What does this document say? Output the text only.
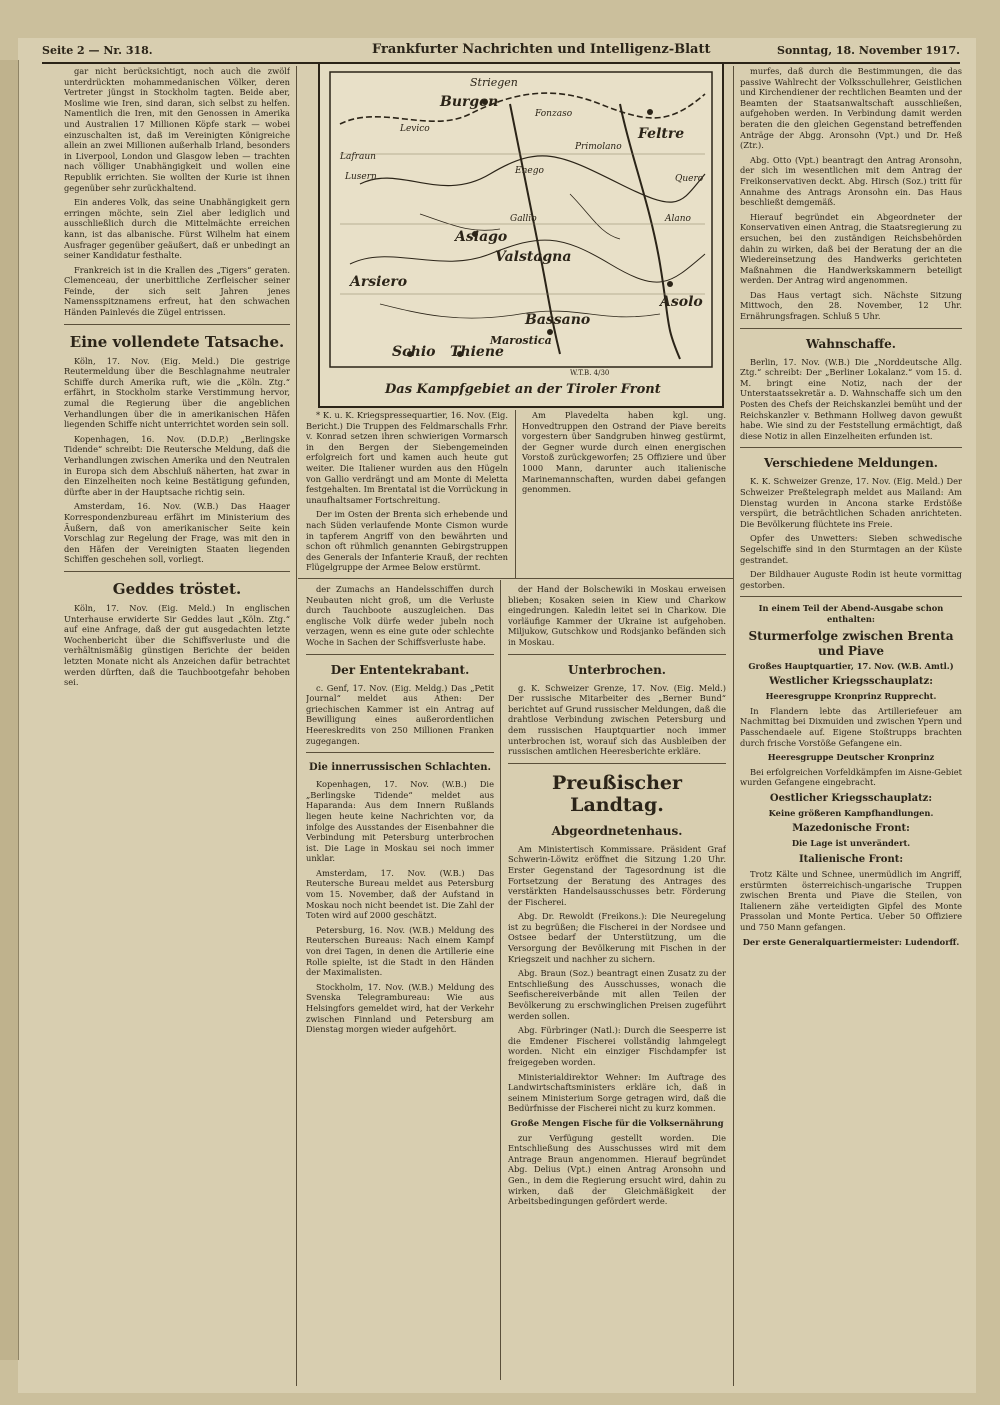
Seite 2 — Nr. 318.	Frankfurter Nachrichten und Intelligenz-Blatt	Sonntag, 18. November 1917.
Striegen
Burgen
Fonzaso
Feltre
Lafraun
Lusern
Levico
Enego
Primolano
Alano
Quero
Gallio
Asiago
Valstagna
Arsiero
Asolo
Bassano
Marostica
Schio Thiene
W.T.B. 4/30
Das Kampfgebiet an der Tiroler Front

gar nicht berücksichtigt, noch auch die zwölf unterdrückten mohammedanischen Völker, deren Vertreter jüngst in Stockholm tagten. Beide aber, Moslime wie Iren, sind daran, sich selbst zu helfen. Namentlich die Iren, mit den Genossen in Amerika und Australien 17 Millionen Köpfe stark — wobei einzuschalten ist, daß im Vereinigten Königreiche allein an zwei Millionen außerhalb Irland, besonders in Liverpool, London und Glasgow leben — trachten nach völliger Unabhängigkeit und wollen eine Republik errichten. Sie wollten der Kurie ist ihnen gegenüber sehr zurückhaltend.

Ein anderes Volk, das seine Unabhängigkeit gern erringen möchte, sein Ziel aber lediglich und ausschließlich durch die Mittelmächte erreichen kann, ist das albanische. Fürst Wilhelm hat einem Ausfrager gegenüber geäußert, daß er unbedingt an seiner Kandidatur festhalte.

Frankreich ist in die Krallen des „Tigers“ geraten. Clemenceau, der unerbittliche Zerfleischer seiner Feinde, der sich seit Jahren jenes Namensspitznamens erfreut, hat den schwachen Händen Painlevés die Zügel entrissen.

Eine vollendete Tatsache.

Köln, 17. Nov. (Eig. Meld.) Die gestrige Reutermeldung über die Beschlagnahme neutraler Schiffe durch Amerika ruft, wie die „Köln. Ztg.“ erfährt, in Stockholm starke Verstimmung hervor, zumal die Regierung über die angeblichen Verhandlungen über die in amerikanischen Häfen liegenden Schiffe nicht unterrichtet worden sein soll.

Kopenhagen, 16. Nov. (D.D.P.) „Berlingske Tidende“ schreibt: Die Reutersche Meldung, daß die Verhandlungen zwischen Amerika und den Neutralen in Europa sich dem Abschluß näherten, hat zwar in den Einzelheiten noch keine Bestätigung gefunden, dürfte aber in der Hauptsache richtig sein.

Amsterdam, 16. Nov. (W.B.) Das Haager Korrespondenzbureau erfährt im Ministerium des Äußern, daß von amerikanischer Seite kein Vorschlag zur Regelung der Frage, was mit den in den Häfen der Vereinigten Staaten liegenden Schiffen geschehen soll, vorliegt.

Geddes tröstet.

Köln, 17. Nov. (Eig. Meld.) In englischen Unterhause erwiderte Sir Geddes laut „Köln. Ztg.“ auf eine Anfrage, daß der gut ausgedachten letzte Wochenbericht über die Schiffsverluste und die verhältnismäßig günstigen Berichte der beiden letzten Monate nicht als Anzeichen dafür betrachtet werden dürften, daß die Tauchbootgefahr behoben sei.

* K. u. K. Kriegspressequartier, 16. Nov. (Eig. Bericht.) Die Truppen des Feldmarschalls Frhr. v. Konrad setzen ihren schwierigen Vormarsch in den Bergen der Siebengemeinden erfolgreich fort und kamen auch heute gut weiter. Die Italiener wurden aus den Hügeln von Gallio verdrängt und am Monte di Meletta festgehalten. Im Brentatal ist die Vorrückung in unaufhaltsamer Fortschreitung.

Der im Osten der Brenta sich erhebende und nach Süden verlaufende Monte Cismon wurde in tapferem Angriff von den bewährten und schon oft rühmlich genannten Gebirgstruppen des Generals der Infanterie Krauß, der rechten Flügelgruppe der Armee Below erstürmt.

Am Plavedelta haben kgl. ung. Honvedtruppen den Ostrand der Piave bereits vorgestern über Sandgruben hinweg gestürmt, der Gegner wurde durch einen energischen Vorstoß zurückgeworfen; 25 Offiziere und über 1000 Mann, darunter auch italienische Marinemannschaften, wurden dabei gefangen genommen.

der Zumachs an Handelsschiffen durch Neubauten nicht groß, um die Verluste durch Tauchboote auszugleichen. Das englische Volk dürfe weder jubeln noch verzagen, wenn es eine gute oder schlechte Woche in Sachen der Schiffsverluste habe.

Der Ententekrabant.

c. Genf, 17. Nov. (Eig. Meldg.) Das „Petit Journal“ meldet aus Athen: Der griechischen Kammer ist ein Antrag auf Bewilligung eines außerordentlichen Heereskredits von 250 Millionen Franken zugegangen.

Die innerrussischen Schlachten.

Kopenhagen, 17. Nov. (W.B.) Die „Berlingske Tidende“ meldet aus Haparanda: Aus dem Innern Rußlands liegen heute keine Nachrichten vor, da infolge des Ausstandes der Eisenbahner die Verbindung mit Petersburg unterbrochen ist. Die Lage in Moskau sei noch immer unklar.

Amsterdam, 17. Nov. (W.B.) Das Reutersche Bureau meldet aus Petersburg vom 15. November, daß der Aufstand in Moskau noch nicht beendet ist. Die Zahl der Toten wird auf 2000 geschätzt.

Petersburg, 16. Nov. (W.B.) Meldung des Reuterschen Bureaus: Nach einem Kampf von drei Tagen, in denen die Artillerie eine Rolle spielte, ist die Stadt in den Händen der Maximalisten.

Stockholm, 17. Nov. (W.B.) Meldung des Svenska Telegrambureau: Wie aus Helsingfors gemeldet wird, hat der Verkehr zwischen Finnland und Petersburg am Dienstag morgen wieder aufgehört.

der Hand der Bolschewiki in Moskau erweisen blieben; Kosaken seien in Kiew und Charkow eingedrungen. Kaledin leitet sei in Charkow. Die vorläufige Kammer der Ukraine ist aufgehoben. Miljukow, Gutschkow und Rodsjanko befänden sich in Moskau.

Unterbrochen.

g. K. Schweizer Grenze, 17. Nov. (Eig. Meld.) Der russische Mitarbeiter des „Berner Bund“ berichtet auf Grund russischer Meldungen, daß die drahtlose Verbindung zwischen Petersburg und dem russischen Hauptquartier noch immer unterbrochen ist, worauf sich das Ausbleiben der russischen amtlichen Heeresberichte erkläre.

Preußischer Landtag.
Abgeordnetenhaus.

Am Ministertisch Kommissare. Präsident Graf Schwerin-Löwitz eröffnet die Sitzung 1.20 Uhr. Erster Gegenstand der Tagesordnung ist die Fortsetzung der Beratung des Antrages des verstärkten Handelsausschusses betr. Förderung der Fischerei.

Abg. Dr. Rewoldt (Freikons.): Die Neuregelung ist zu begrüßen; die Fischerei in der Nordsee und Ostsee bedarf der Unterstützung, um die Versorgung der Bevölkerung mit Fischen in der Kriegszeit und nachher zu sichern.

Abg. Braun (Soz.) beantragt einen Zusatz zu der Entschließung des Ausschusses, wonach die Seefischereiverbände mit allen Teilen der Bevölkerung zu erschwinglichen Preisen zugeführt werden sollen.

Abg. Fürbringer (Natl.): Durch die Seesperre ist die Emdener Fischerei vollständig lahmgelegt worden. Nicht ein einziger Fischdampfer ist freigegeben worden.

Ministerialdirektor Wehner: Im Auftrage des Landwirtschaftsministers erkläre ich, daß in seinem Ministerium Sorge getragen wird, daß die Bedürfnisse der Fischerei nicht zu kurz kommen.

Große Mengen Fische für die Volksernährung

zur Verfügung gestellt worden. Die Entschließung des Ausschusses wird mit dem Antrage Braun angenommen. Hierauf begründet Abg. Delius (Vpt.) einen Antrag Aronsohn und Gen., in dem die Regierung ersucht wird, dahin zu wirken, daß der Gleichmäßigkeit der Arbeitsbedingungen gefördert werde.

murfes, daß durch die Bestimmungen, die das passive Wahlrecht der Volksschullehrer, Geistlichen und Kirchendiener der rechtlichen Beamten und der Beamten der Staatsanwaltschaft ausschließen, aufgehoben werden. In Verbindung damit werden beraten die den gleichen Gegenstand betreffenden Anträge der Abgg. Aronsohn (Vpt.) und Dr. Heß (Ztr.).

Abg. Otto (Vpt.) beantragt den Antrag Aronsohn, der sich im wesentlichen mit dem Antrag der Freikonservativen deckt. Abg. Hirsch (Soz.) tritt für Annahme des Antrags Aronsohn ein. Das Haus beschließt demgemäß.

Hierauf begründet ein Abgeordneter der Konservativen einen Antrag, die Staatsregierung zu ersuchen, bei den zuständigen Reichsbehörden dahin zu wirken, daß bei der Beratung der an die Wiedereinsetzung des Handwerks gerichteten Maßnahmen die Handwerkskammern beteiligt werden. Der Antrag wird angenommen.

Das Haus vertagt sich. Nächste Sitzung Mittwoch, den 28. November, 12 Uhr. Ernährungsfragen. Schluß 5 Uhr.

Wahnschaffe.

Berlin, 17. Nov. (W.B.) Die „Norddeutsche Allg. Ztg.“ schreibt: Der „Berliner Lokalanz.“ vom 15. d. M. bringt eine Notiz, nach der der Unterstaatssekretär a. D. Wahnschaffe sich um den Posten des Chefs der Reichskanzlei bemüht und der Reichskanzler v. Bethmann Hollweg davon gewußt habe. Wie sind zu der Feststellung ermächtigt, daß diese Notiz in allen Einzelheiten erfunden ist.

Verschiedene Meldungen.

K. K. Schweizer Grenze, 17. Nov. (Eig. Meld.) Der Schweizer Preßtelegraph meldet aus Mailand: Am Dienstag wurden in Ancona starke Erdstöße verspürt, die beträchtlichen Schaden anrichteten. Die Bevölkerung flüchtete ins Freie.

Opfer des Unwetters: Sieben schwedische Segelschiffe sind in den Sturmtagen an der Küste gestrandet.

Der Bildhauer Auguste Rodin ist heute vormittag gestorben.

In einem Teil der Abend-Ausgabe schon enthalten:

Sturmerfolge zwischen Brenta und Piave

Großes Hauptquartier, 17. Nov. (W.B. Amtl.)

Westlicher Kriegsschauplatz:

Heeresgruppe Kronprinz Rupprecht.

In Flandern lebte das Artilleriefeuer am Nachmittag bei Dixmuiden und zwischen Ypern und Passchendaele auf. Eigene Stoßtrupps brachten durch frische Vorstöße Gefangene ein.

Heeresgruppe Deutscher Kronprinz

Bei erfolgreichen Vorfeldkämpfen im Aisne-Gebiet wurden Gefangene eingebracht.

Oestlicher Kriegsschauplatz:

Keine größeren Kampfhandlungen.

Mazedonische Front:

Die Lage ist unverändert.

Italienische Front:

Trotz Kälte und Schnee, unermüdlich im Angriff, erstürmten österreichisch-ungarische Truppen zwischen Brenta und Piave die Steilen, von Italienern zähe verteidigten Gipfel des Monte Prassolan und Monte Pertica. Ueber 50 Offiziere und 750 Mann gefangen.

Der erste Generalquartiermeister: Ludendorff.
